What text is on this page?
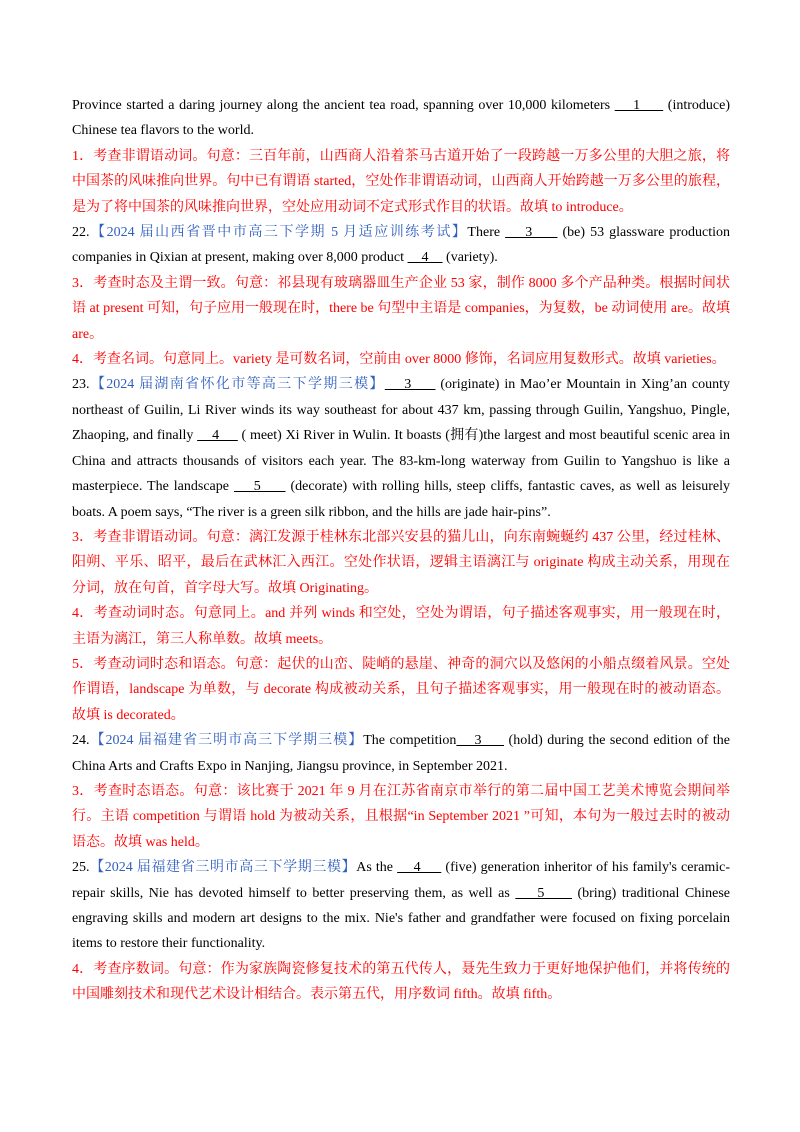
Province started a daring journey along the ancient tea road, spanning over 10,000 kilometers     1      (introduce) Chinese tea flavors to the world.

1．考查非谓语动词。句意：三百年前，山西商人沿着茶马古道开始了一段跨越一万多公里的大胆之旅，将中国茶的风味推向世界。句中已有谓语 started，空处作非谓语动词，山西商人开始跨越一万多公里的旅程，是为了将中国茶的风味推向世界，空处应用动词不定式形式作目的状语。故填 to introduce。

22.【2024 届山西省晋中市高三下学期 5 月适应训练考试】There     3      (be) 53 glassware production companies in Qixian at present, making over 8,000 product     4     (variety).

3．考查时态及主谓一致。句意：祁县现有玻璃器皿生产企业 53 家，制作 8000 多个产品种类。根据时间状语 at present 可知，句子应用一般现在时，there be 句型中主语是 companies，为复数，be 动词使用 are。故填 are。

4．考查名词。句意同上。variety 是可数名词，空前由 over 8000 修饰，名词应用复数形式。故填 varieties。

23.【2024 届湖南省怀化市等高三下学期三模】    3      (originate) in Mao’er Mountain in Xing’an county northeast of Guilin, Li River winds its way southeast for about 437 km, passing through Guilin, Yangshuo, Pingle, Zhaoping, and finally     4      ( meet) Xi River in Wulin. It boasts (拥有)the largest and most beautiful scenic area in China and attracts thousands of visitors each year. The 83-km-long waterway from Guilin to Yangshuo is like a masterpiece. The landscape     5      (decorate) with rolling hills, steep cliffs, fantastic caves, as well as leisurely boats. A poem says, “The river is a green silk ribbon, and the hills are jade hair-pins”.

3．考查非谓语动词。句意：漓江发源于桂林东北部兴安县的猫儿山，向东南蜿蜒约 437 公里，经过桂林、阳朔、平乐、昭平，最后在武林汇入西江。空处作状语，逻辑主语漓江与 originate 构成主动关系，用现在分词，放在句首，首字母大写。故填 Originating。

4．考查动词时态。句意同上。and 并列 winds 和空处，空处为谓语，句子描述客观事实，用一般现在时，主语为漓江，第三人称单数。故填 meets。

5．考查动词时态和语态。句意：起伏的山峦、陡峭的悬崖、神奇的洞穴以及悠闲的小船点缀着风景。空处作谓语，landscape 为单数，与 decorate 构成被动关系，且句子描述客观事实，用一般现在时的被动语态。故填 is decorated。

24.【2024 届福建省三明市高三下学期三模】The competition    3      (hold) during the second edition of the China Arts and Crafts Expo in Nanjing, Jiangsu province, in September 2021.

3．考查时态语态。句意：该比赛于 2021 年 9 月在江苏省南京市举行的第二届中国工艺美术博览会期间举行。主语 competition 与谓语 hold 为被动关系，且根据“in September 2021 ”可知，本句为一般过去时的被动语态。故填 was held。

25.【2024 届福建省三明市高三下学期三模】As the     4      (five) generation inheritor of his family's ceramic-repair skills, Nie has devoted himself to better preserving them, as well as     5      (bring) traditional Chinese engraving skills and modern art designs to the mix. Nie's father and grandfather were focused on fixing porcelain items to restore their functionality.

4．考查序数词。句意：作为家族陶瓷修复技术的第五代传人，聂先生致力于更好地保护他们，并将传统的中国雕刻技术和现代艺术设计相结合。表示第五代，用序数词 fifth。故填 fifth。
